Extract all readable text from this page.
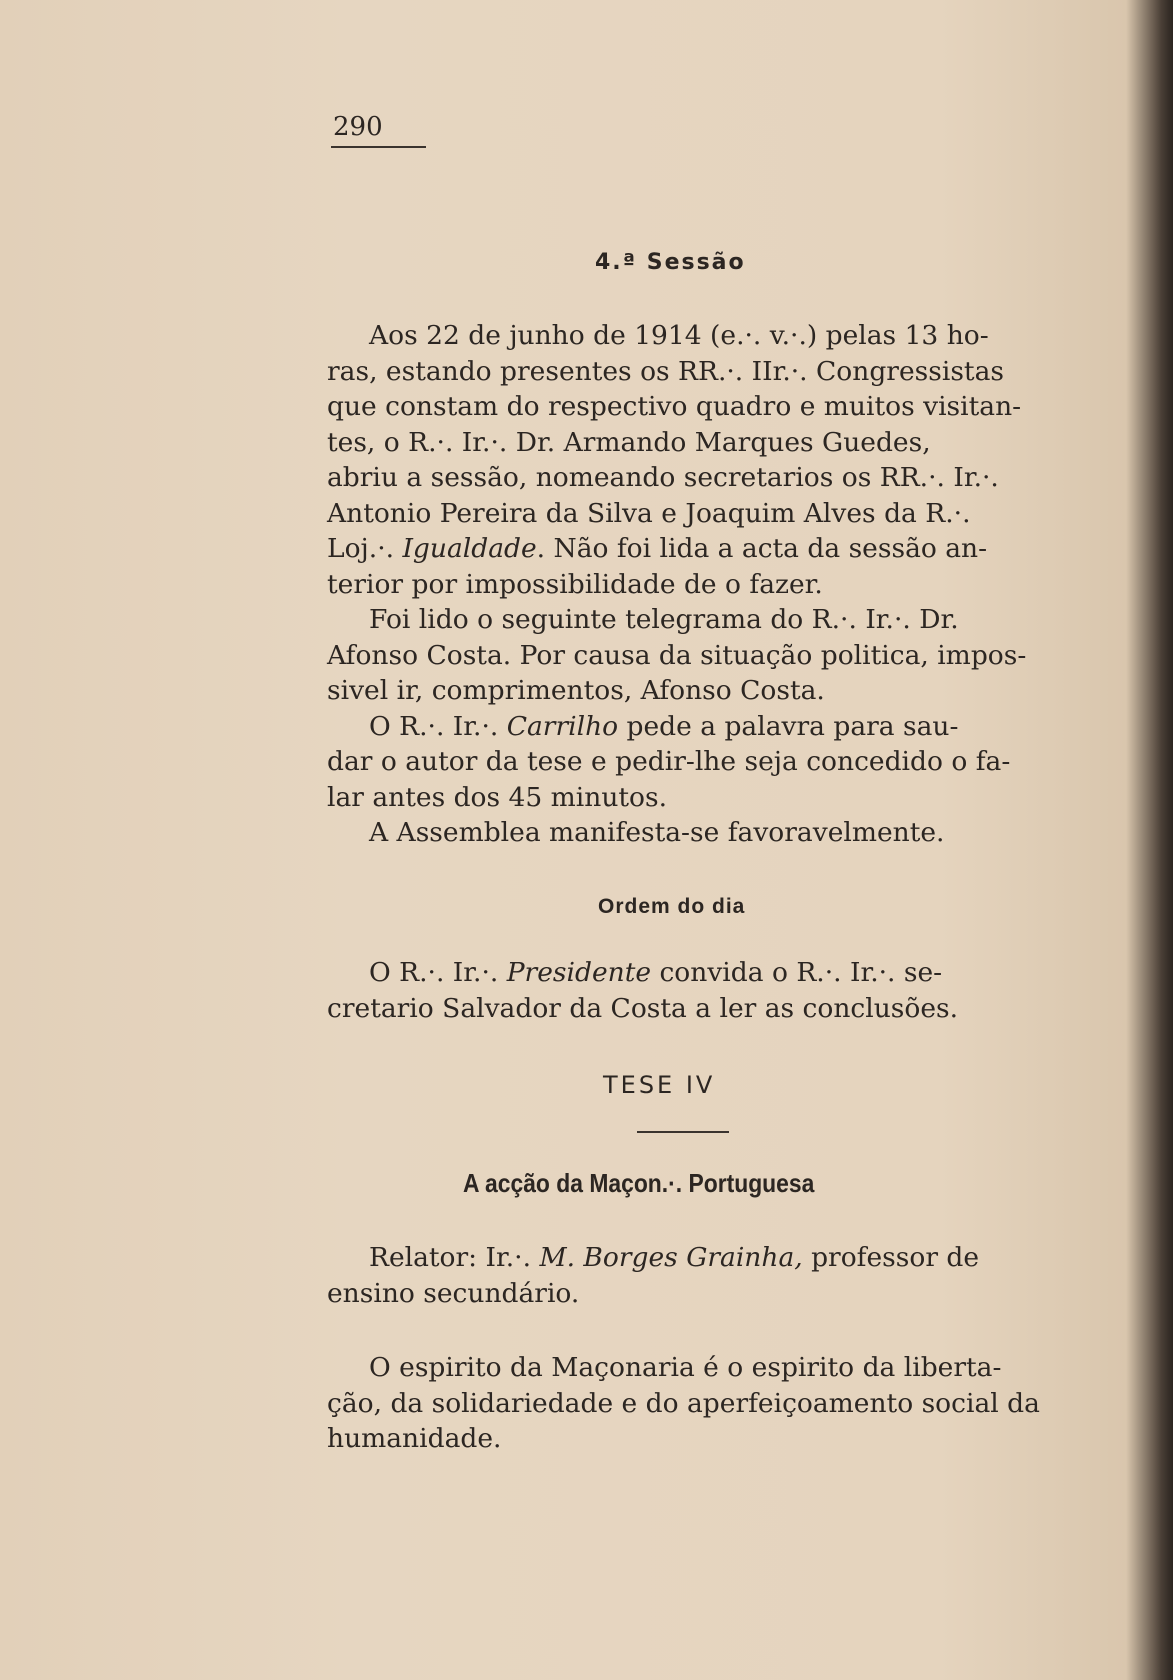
290
4.ª Sessão

Aos 22 de junho de 1914 (e.·. v.·.) pelas 13 ho-
ras, estando presentes os RR.·. IIr.·. Congressistas
que constam do respectivo quadro e muitos visitan-
tes, o R.·. Ir.·. Dr. Armando Marques Guedes,
abriu a sessão, nomeando secretarios os RR.·. Ir.·.
Antonio Pereira da Silva e Joaquim Alves da R.·.
Loj.·. Igualdade. Não foi lida a acta da sessão an-
terior por impossibilidade de o fazer.

Foi lido o seguinte telegrama do R.·. Ir.·. Dr.
Afonso Costa. Por causa da situação politica, impos-
sivel ir, comprimentos, Afonso Costa.

O R.·. Ir.·. Carrilho pede a palavra para sau-
dar o autor da tese e pedir-lhe seja concedido o fa-
lar antes dos 45 minutos.

A Assemblea manifesta-se favoravelmente.

Ordem do dia

O R.·. Ir.·. Presidente convida o R.·. Ir.·. se-
cretario Salvador da Costa a ler as conclusões.

TESE IV
A acção da Maçon.·. Portuguesa

Relator: Ir.·. M. Borges Grainha, professor de
ensino secundário.

O espirito da Maçonaria é o espirito da liberta-
ção, da solidariedade e do aperfeiçoamento social da
humanidade.
